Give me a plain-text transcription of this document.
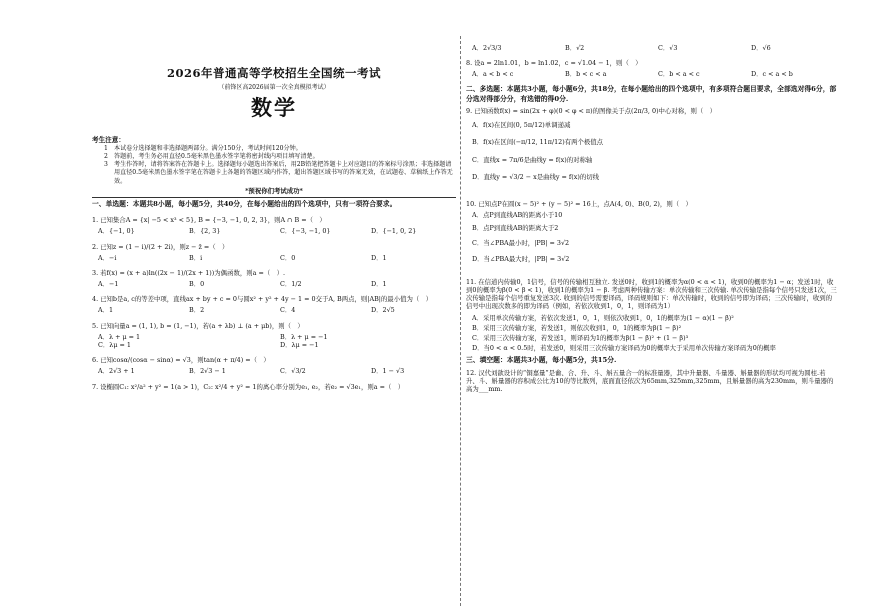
2026年普通高等学校招生全国统一考试
（前锋区高2026届第一次全真模拟考试）
数学
考生注意：
1　本试卷分选择题和非选择题两部分。满分150分，考试时间120分钟。
2　答题前，考生务必用直径0.5毫米黑色墨水签字笔将密封线内项目填写清楚。
3　考生作答时，请将答案答在答题卡上。选择题每小题选出答案后，用2B铅笔把答题卡上对应题目的答案标号涂黑；非选择题请用直径0.5毫米黑色墨水签字笔在答题卡上各题的答题区域内作答，超出答题区域书写的答案无效，在试题卷、草稿纸上作答无效。
*预祝你们考试成功*
一、单选题：本题共8小题，每小题5分，共40分，在每小题给出的四个选项中，只有一项符合要求。
1. 已知集合A = {x| −5 < x³ < 5}, B = {−3, −1, 0, 2, 3}，则A ∩ B =（　）
A．{−1, 0}	B．{2, 3}	C．{−3, −1, 0}	D．{−1, 0, 2}
2. 已知z = (1 − i)/(2 + 2i)，则z − z̄ =（　）
A．−i	B．i	C．0	D．1
3. 若f(x) = (x + a)ln((2x − 1)/(2x + 1))为偶函数，则a =（　）.
A．−1	B．0	C．1/2	D．1
4. 已知b是a, c的等差中项，直线ax + by + c = 0与圆x² + y² + 4y − 1 = 0交于A, B两点，则|AB|的最小值为（　）
A．1	B．2	C．4	D．2√5
5. 已知向量a = (1, 1), b = (1, −1)，若(a + λb) ⊥ (a + μb)，则（　）
A．λ + μ = 1	B．λ + μ = −1
C．λμ = 1	D．λμ = −1
6. 已知cosα/(cosα − sinα) = √3，则tan(α + π/4) =（　）
A．2√3 + 1	B．2√3 − 1	C．√3/2	D．1 − √3
7. 设椭圆C₁: x²/a² + y² = 1(a > 1)，C₂: x²/4 + y² = 1的离心率分别为e₁, e₂，若e₂ = √3e₁，则a =（　）
A．2√3/3	B．√2	C．√3	D．√6
8. 设a = 2ln1.01，b = ln1.02，c = √1.04 − 1，则（　）
A．a < b < c	B．b < c < a	C．b < a < c	D．c < a < b
二、多选题：本题共3小题，每小题6分，共18分，在每小题给出的四个选项中，有多项符合题目要求，全部选对得6分，部分选对得部分分，有选错的得0分.
9. 已知函数f(x) = sin(2x + φ)(0 < φ < π)的图像关于点(2π/3, 0)中心对称，则（　）
A．f(x)在区间(0, 5π/12)单调递减
B．f(x)在区间(−π/12, 11π/12)有两个极值点
C．直线x = 7π/6是曲线y = f(x)的对称轴
D．直线y = √3/2 − x是曲线y = f(x)的切线
10. 已知点P在圆(x − 5)² + (y − 5)² = 16上，点A(4, 0)、B(0, 2)，则（　）
A．点P到直线AB的距离小于10
B．点P到直线AB的距离大于2
C．当∠PBA最小时，|PB| = 3√2
D．当∠PBA最大时，|PB| = 3√2
11. 在信道内传输0，1信号，信号的传输相互独立. 发送0时，收到1的概率为α(0 < α < 1)，收到0的概率为1 − α；发送1时，收到0的概率为β(0 < β < 1)，收到1的概率为1 − β. 考虑两种传输方案：单次传输和三次传输. 单次传输是指每个信号只发送1次，三次传输是指每个信号重复发送3次. 收到的信号需要译码，译码规则如下：单次传输时，收到的信号即为译码；三次传输时，收到的信号中出现次数多的即为译码（例如，若依次收到1，0，1，则译码为1）
A．采用单次传输方案，若依次发送1，0，1，则依次收到1，0，1的概率为(1 − α)(1 − β)²
B．采用三次传输方案，若发送1，则依次收到1，0，1的概率为β(1 − β)²
C．采用三次传输方案，若发送1，则译码为1的概率为β(1 − β)² + (1 − β)³
D．当0 < α < 0.5时，若发送0，则采用三次传输方案译码为0的概率大于采用单次传输方案译码为0的概率
三、填空题：本题共3小题，每小题5分，共15分.
12. 汉代刘歆设计的“铜嘉量”是龠、合、升、斗、斛五量合一的标准量器，其中升量器、斗量器、斛量器的形状均可视为圆柱.若升、斗、斛量器的容积成公比为10的等比数列，底面直径依次为65mm,325mm,325mm，且斛量器的高为230mm，则斗量器的高为___mm.
